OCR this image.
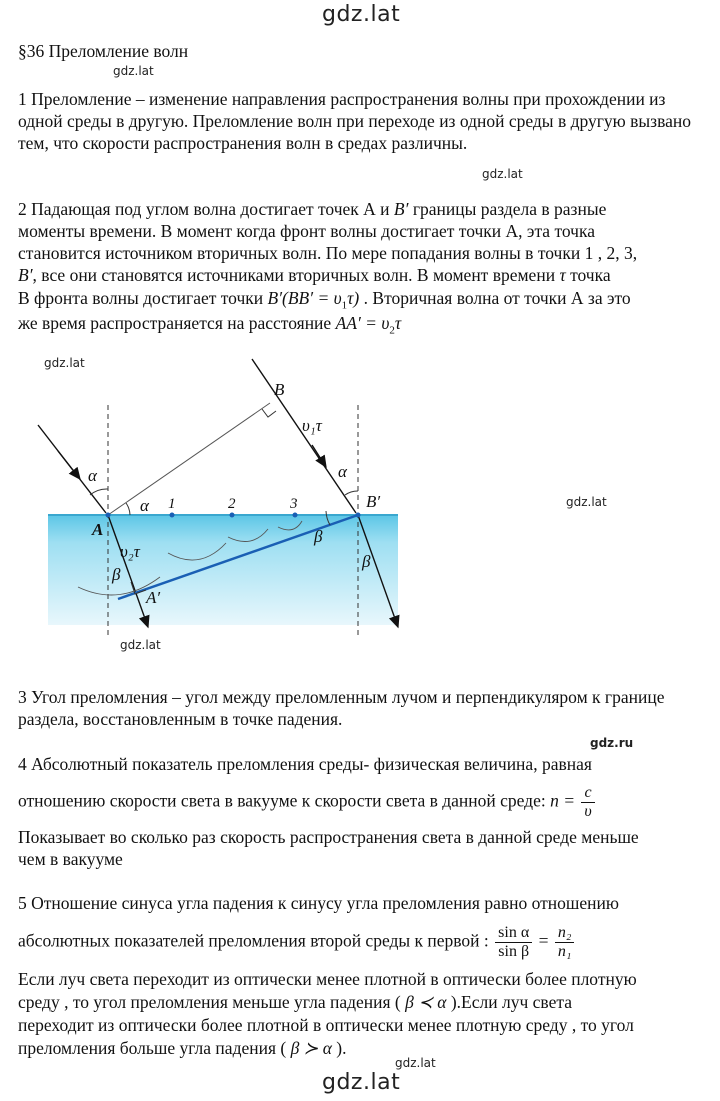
gdz.lat
gdz.lat
gdz.lat
gdz.lat
gdz.lat
gdz.lat
gdz.ru
gdz.lat
gdz.lat
§36 Преломление волн
1 Преломление – изменение направления распространения волны при прохождении из одной среды в другую. Преломление волн при переходе из одной среды в другую вызвано тем, что скорости распространения волн в средах различны.
2 Падающая под углом волна достигает точек А и B′ границы раздела в разные
моменты времени. В момент когда фронт волны достигает точки А, эта точка
становится источником вторичных волн. По мере попадания волны в точки 1 , 2, 3,
B′, все они становятся источниками вторичных волн. В момент времени τ точка
В фронта волны достигает точки $B'(BB' = \upsilon_1\tau)$ . Вторичная волна от точки А за это
же время распространяется на расстояние $AA' = \upsilon_2\tau$
B
B′
A
A′
υ₁τ
υ₂τ
α
α
α
β
β
β
1	2	3
3 Угол преломления – угол между преломленным лучом и перпендикуляром к границе раздела, восстановленным в точке падения.
4 Абсолютный показатель преломления среды- физическая величина, равная
отношению скорости света в вакууме к скорости света в данной среде: $n = \frac{c}{\upsilon}$
Показывает во сколько раз скорость распространения света в данной среде меньше
чем в вакууме
5 Отношение синуса угла падения к синусу угла преломления равно отношению
абсолютных показателей преломления второй среды к первой : $\frac{\text{sin α}}{\text{sin β}} = \frac{\text{n₂}}{\text{n₁}}$
Если луч света переходит из оптически менее плотной в оптически более плотную
среду , то угол преломления меньше угла падения ( β ≺ α ).Если луч света
переходит из оптически более плотной в оптически менее плотную среду , то угол
преломления больше угла падения ( β ≻ α ).
